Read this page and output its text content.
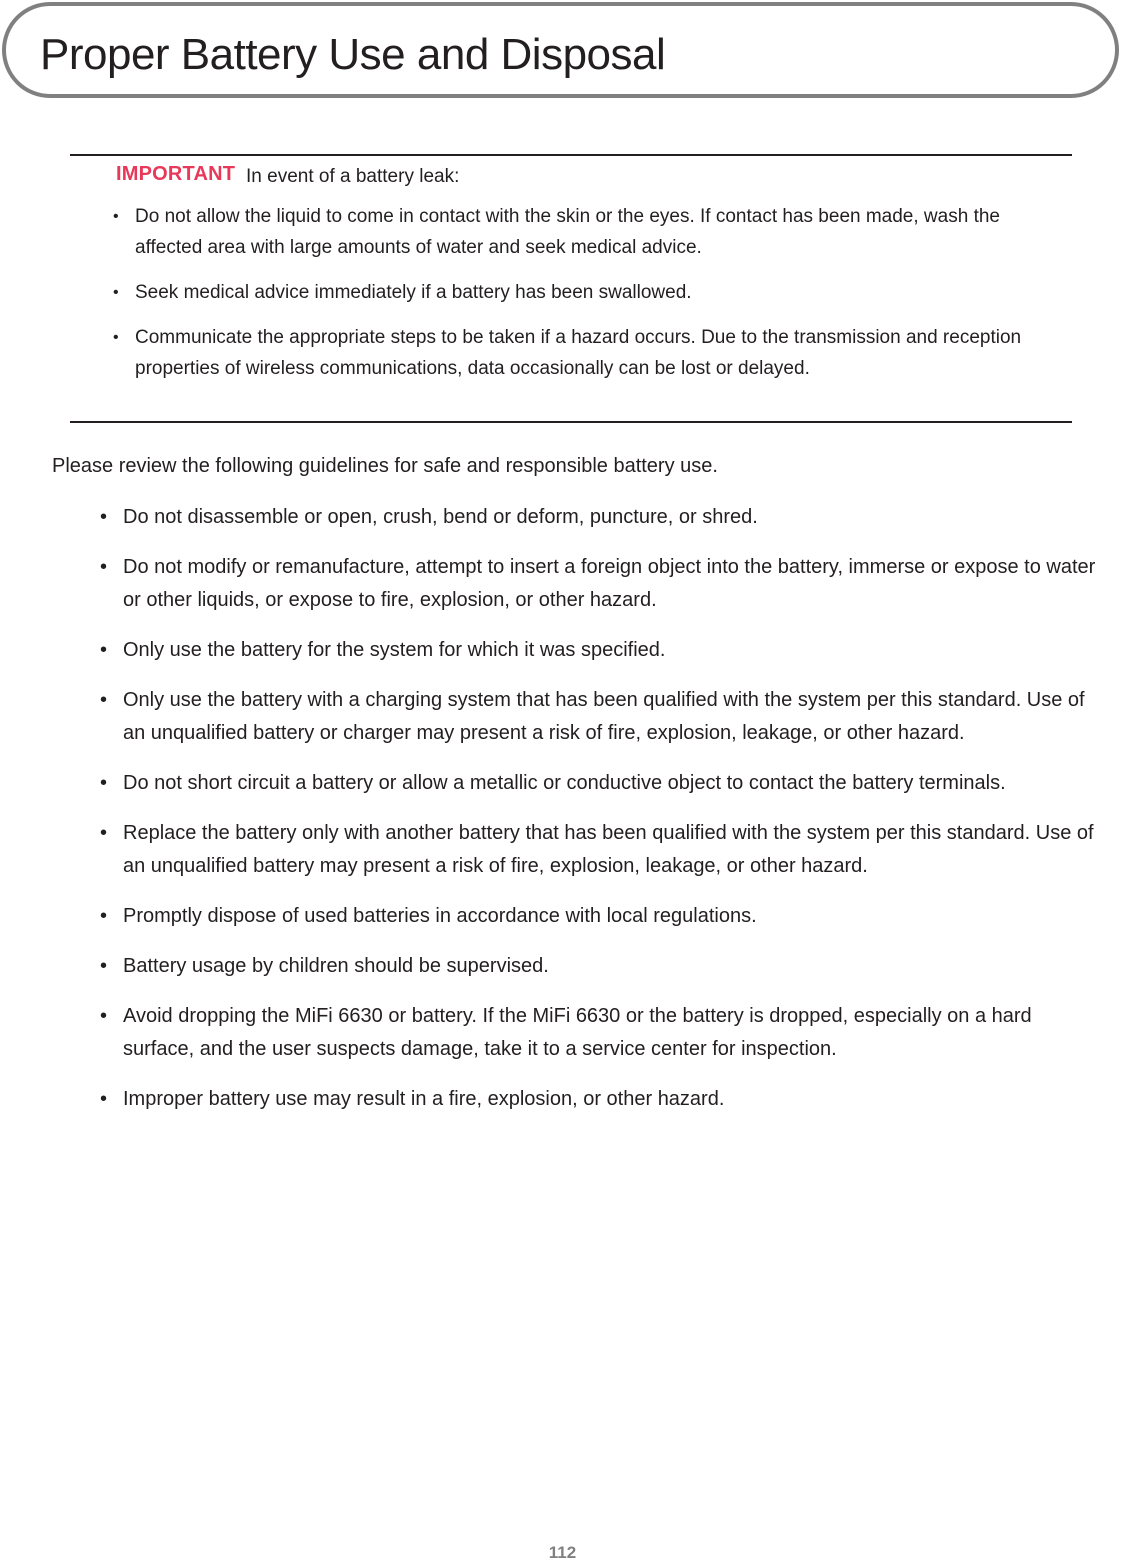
Proper Battery Use and Disposal
IMPORTANT In event of a battery leak:
• Do not allow the liquid to come in contact with the skin or the eyes. If contact has been made, wash the affected area with large amounts of water and seek medical advice.
• Seek medical advice immediately if a battery has been swallowed.
• Communicate the appropriate steps to be taken if a hazard occurs. Due to the transmission and reception properties of wireless communications, data occasionally can be lost or delayed.
Please review the following guidelines for safe and responsible battery use.
• Do not disassemble or open, crush, bend or deform, puncture, or shred.
• Do not modify or remanufacture, attempt to insert a foreign object into the battery, immerse or expose to water or other liquids, or expose to fire, explosion, or other hazard.
• Only use the battery for the system for which it was specified.
• Only use the battery with a charging system that has been qualified with the system per this standard. Use of an unqualified battery or charger may present a risk of fire, explosion, leakage, or other hazard.
• Do not short circuit a battery or allow a metallic or conductive object to contact the battery terminals.
• Replace the battery only with another battery that has been qualified with the system per this standard. Use of an unqualified battery may present a risk of fire, explosion, leakage, or other hazard.
• Promptly dispose of used batteries in accordance with local regulations.
• Battery usage by children should be supervised.
• Avoid dropping the MiFi 6630 or battery. If the MiFi 6630 or the battery is dropped, especially on a hard surface, and the user suspects damage, take it to a service center for inspection.
• Improper battery use may result in a fire, explosion, or other hazard.
112
